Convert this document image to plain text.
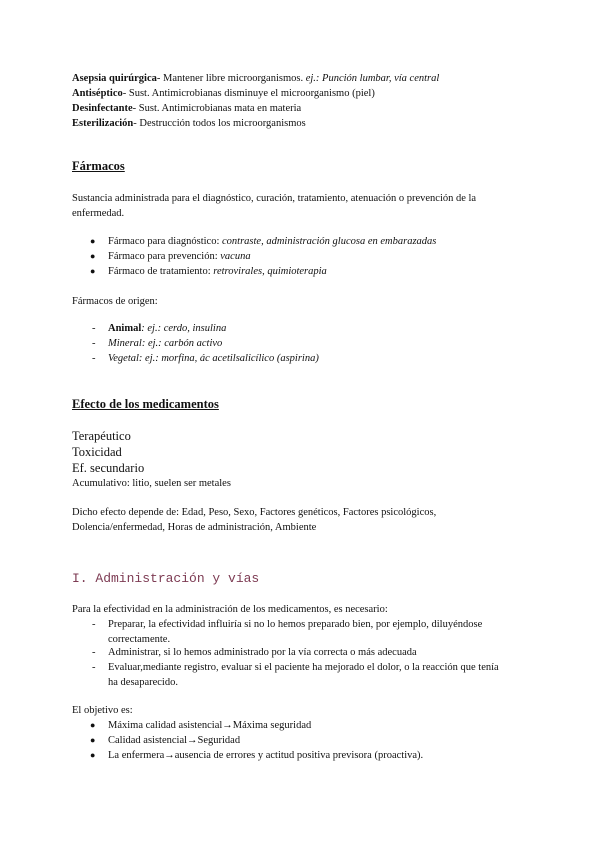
Asepsia quirúrgica- Mantener libre microorganismos. ej.: Punción lumbar, vía central
Antiséptico- Sust. Antimicrobianas disminuye el microorganismo (piel)
Desinfectante- Sust. Antimicrobianas mata en materia
Esterilización- Destrucción todos los microorganismos
Fármacos
Sustancia administrada para el diagnóstico, curación, tratamiento, atenuación o prevención de la
enfermedad.
● Fármaco para diagnóstico: contraste, administración glucosa en embarazadas
● Fármaco para prevención: vacuna
● Fármaco de tratamiento: retrovirales, quimioterapia
Fármacos de origen:
- Animal: ej.: cerdo, insulina
- Mineral: ej.: carbón activo
- Vegetal: ej.: morfina, ác acetilsalicílico (aspirina)
Efecto de los medicamentos
Terapéutico
Toxicidad
Ef. secundario
Acumulativo: litio, suelen ser metales
Dicho efecto depende de: Edad, Peso, Sexo, Factores genéticos, Factores psicológicos,
Dolencia/enfermedad, Horas de administración, Ambiente
I. Administración y vías
Para la efectividad en la administración de los medicamentos, es necesario:
- Preparar, la efectividad influiría si no lo hemos preparado bien, por ejemplo, diluyéndose
correctamente.
- Administrar, si lo hemos administrado por la vía correcta o más adecuada
- Evaluar,mediante registro, evaluar si el paciente ha mejorado el dolor, o la reacción que tenía
ha desaparecido.
El objetivo es:
● Máxima calidad asistencial→Máxima seguridad
● Calidad asistencial→Seguridad
● La enfermera→ausencia de errores y actitud positiva previsora (proactiva).
